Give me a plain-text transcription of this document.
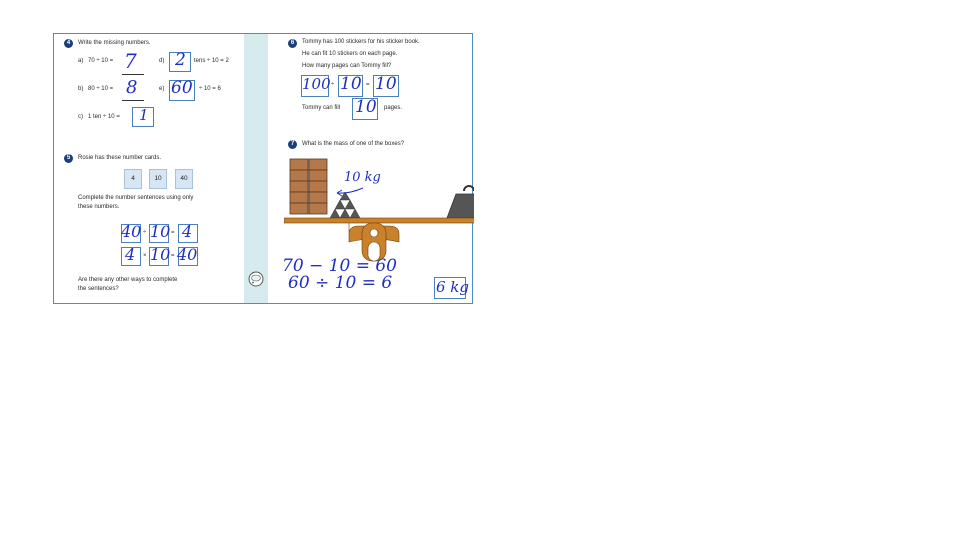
4	Write the missing numbers.
a) 70 ÷ 10 = 7
b) 80 ÷ 10 = 8
c) 1 ten ÷ 10 = 1
d) 2 tens ÷ 10 = 2
e) 60 ÷ 10 = 6
5	Rosie has these number cards.
4	10	40
Complete the number sentences using only
these numbers.
40 ÷ 10 = 4
4 × 10 = 40
Are there any other ways to complete
the sentences?
6	Tommy has 100 stickers for his sticker book.
He can fit 10 stickers on each page.
How many pages can Tommy fill?
100 ÷ 10 = 10
Tommy can fill 10 pages.
7	What is the mass of one of the boxes?
70 kg
10 kg
70 − 10 = 60
60 ÷ 10 = 6	6 kg
